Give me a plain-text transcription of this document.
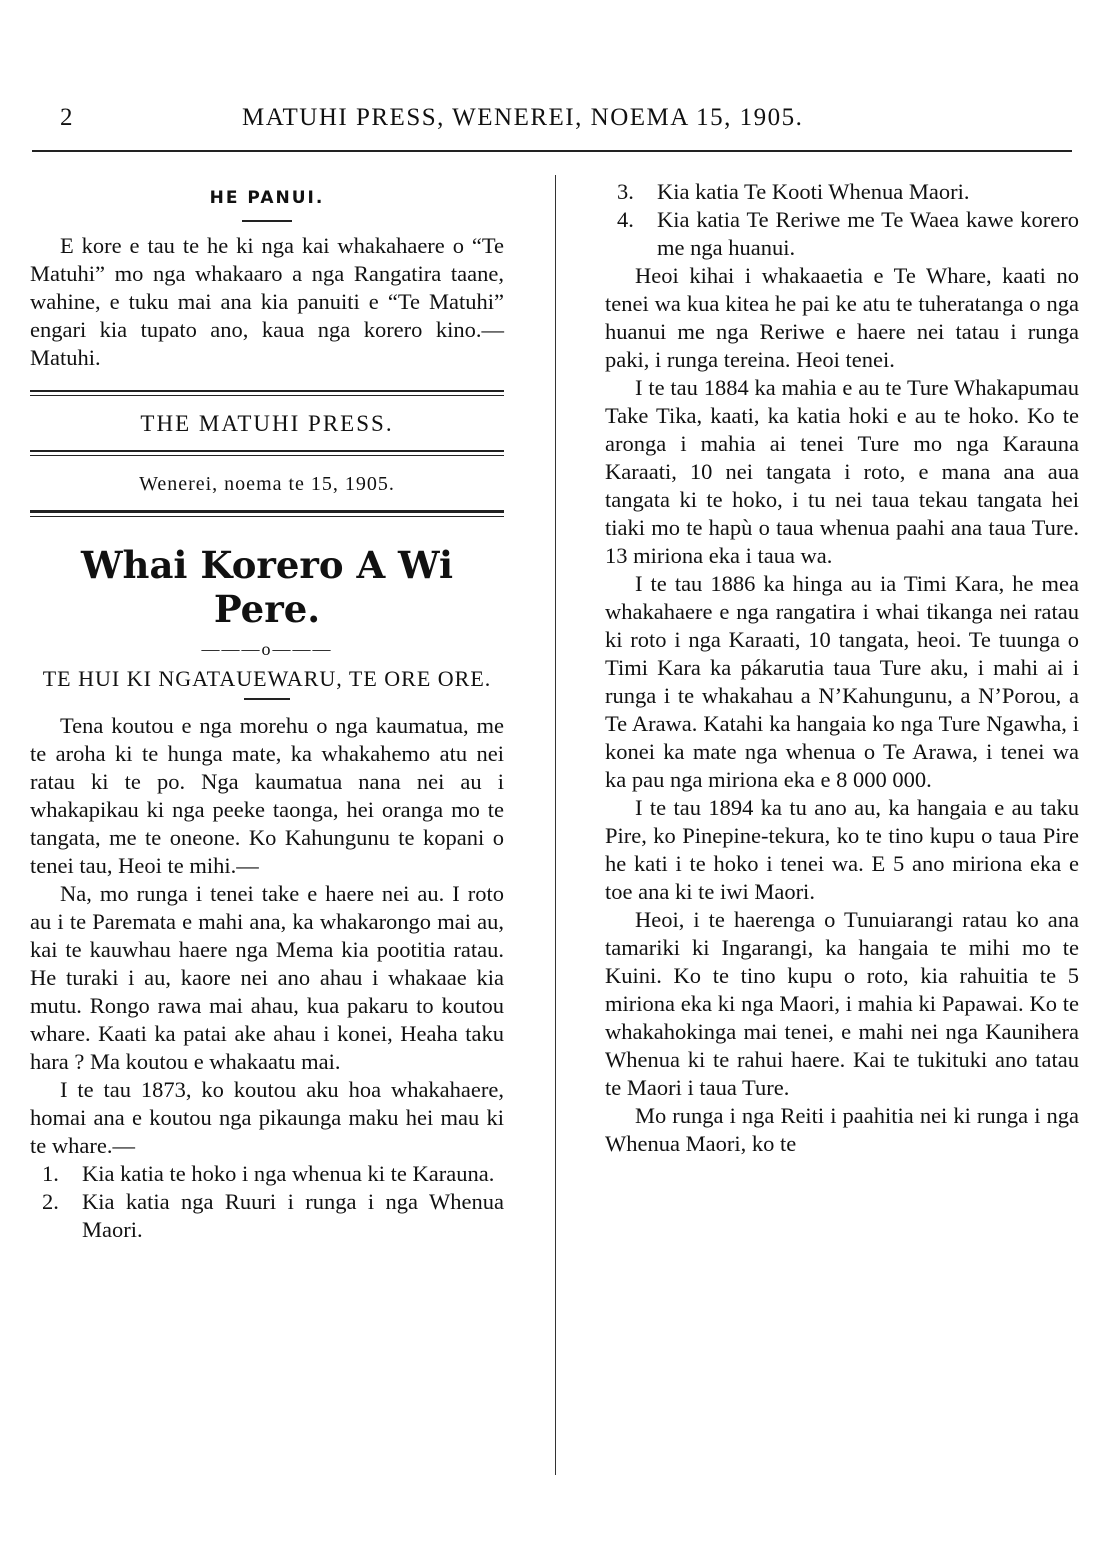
2	MATUHI PRESS, WENEREI, NOEMA 15, 1905.
HE PANUI.

E kore e tau te he ki nga kai whakahaere o “Te Matuhi” mo nga whakaaro a nga Rangatira taane, wahine, e tuku mai ana kia panuiti e “Te Matuhi” engari kia tupato ano, kaua nga korero kino.—Matuhi.

THE MATUHI PRESS.
Wenerei, noema te 15, 1905.
Whai Korero A Wi Pere.
———o———
TE HUI KI NGATAUEWARU, TE ORE ORE.

Tena koutou e nga morehu o nga kaumatua, me te aroha ki te hunga mate, ka whakahemo atu nei ratau ki te po. Nga kaumatua nana nei au i whakapikau ki nga peeke taonga, hei oranga mo te tangata, me te oneone. Ko Kahungunu te kopani o tenei tau, Heoi te mihi.—

Na, mo runga i tenei take e haere nei au. I roto au i te Paremata e mahi ana, ka whakarongo mai au, kai te kauwhau haere nga Mema kia pootitia ratau. He turaki i au, kaore nei ano ahau i whakaae kia mutu. Rongo rawa mai ahau, kua pakaru to koutou whare. Kaati ka patai ake ahau i konei, Heaha taku hara ? Ma koutou e whakaatu mai.

I te tau 1873, ko koutou aku hoa whakahaere, homai ana e koutou nga pikaunga maku hei mau ki te whare.—

1.	Kia katia te hoko i nga whenua ki te Karauna.
2.	Kia katia nga Ruuri i runga i nga Whenua Maori.
3.	Kia katia Te Kooti Whenua Maori.
4.	Kia katia Te Reriwe me Te Waea kawe korero me nga huanui.

Heoi kihai i whakaaetia e Te Whare, kaati no tenei wa kua kitea he pai ke atu te tuheratanga o nga huanui me nga Reriwe e haere nei tatau i runga paki, i runga tereina. Heoi tenei.

I te tau 1884 ka mahia e au te Ture Whakapumau Take Tika, kaati, ka katia hoki e au te hoko. Ko te aronga i mahia ai tenei Ture mo nga Karauna Karaati, 10 nei tangata i roto, e mana ana aua tangata ki te hoko, i tu nei taua tekau tangata hei tiaki mo te hapù o taua whenua paahi ana taua Ture. 13 miriona eka i taua wa.

I te tau 1886 ka hinga au ia Timi Kara, he mea whakahaere e nga rangatira i whai tikanga nei ratau ki roto i nga Karaati, 10 tangata, heoi. Te tuunga o Timi Kara ka pákarutia taua Ture aku, i mahi ai i runga i te whakahau a N’Kahungunu, a N’Porou, a Te Arawa. Katahi ka hangaia ko nga Ture Ngawha, i konei ka mate nga whenua o Te Arawa, i tenei wa ka pau nga miriona eka e 8 000 000.

I te tau 1894 ka tu ano au, ka hangaia e au taku Pire, ko Pinepine-tekura, ko te tino kupu o taua Pire he kati i te hoko i tenei wa. E 5 ano miriona eka e toe ana ki te iwi Maori.

Heoi, i te haerenga o Tunuiarangi ratau ko ana tamariki ki Ingarangi, ka hangaia te mihi mo te Kuini. Ko te tino kupu o roto, kia rahuitia te 5 miriona eka ki nga Maori, i mahia ki Papawai. Ko te whakahokinga mai tenei, e mahi nei nga Kaunihera Whenua ki te rahui haere. Kai te tukituki ano tatau te Maori i taua Ture.

Mo runga i nga Reiti i paahitia nei ki runga i nga Whenua Maori, ko te
